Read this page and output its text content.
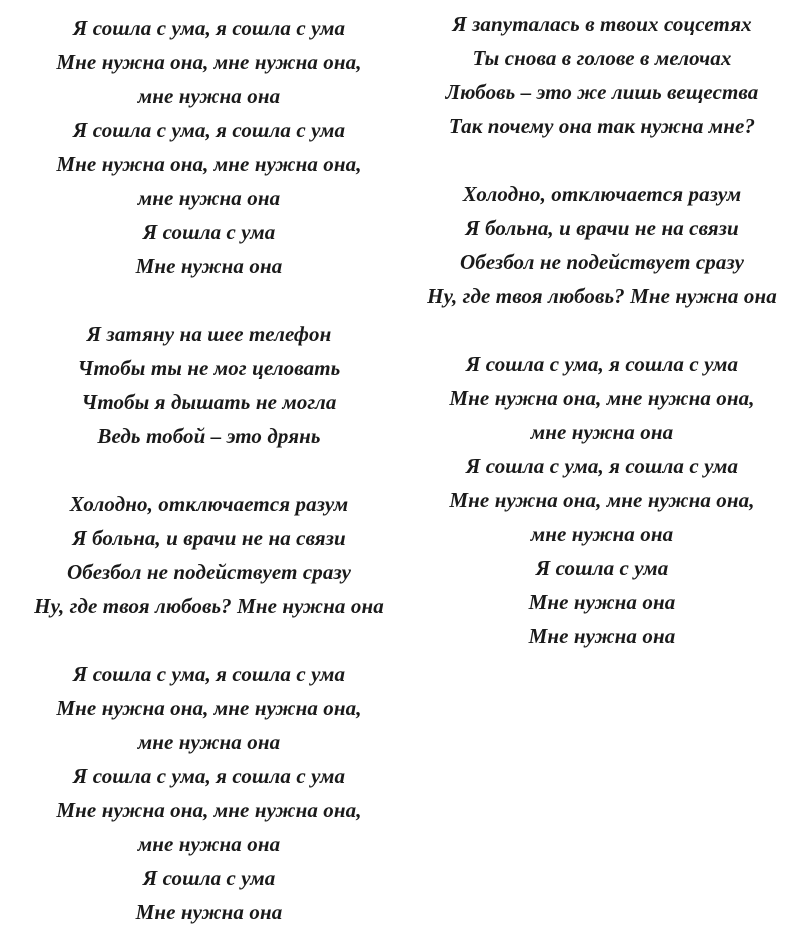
Я сошла с ума, я сошла с ума
Мне нужна она, мне нужна она,
мне нужна она
Я сошла с ума, я сошла с ума
Мне нужна она, мне нужна она,
мне нужна она
Я сошла с ума
Мне нужна она
Я затяну на шее телефон
Чтобы ты не мог целовать
Чтобы я дышать не могла
Ведь тобой – это дрянь
Холодно, отключается разум
Я больна, и врачи не на связи
Обезбол не подействует сразу
Ну, где твоя любовь? Мне нужна она
Я сошла с ума, я сошла с ума
Мне нужна она, мне нужна она,
мне нужна она
Я сошла с ума, я сошла с ума
Мне нужна она, мне нужна она,
мне нужна она
Я сошла с ума
Мне нужна она
Я запуталась в твоих соцсетях
Ты снова в голове в мелочах
Любовь – это же лишь вещества
Так почему она так нужна мне?
Холодно, отключается разум
Я больна, и врачи не на связи
Обезбол не подействует сразу
Ну, где твоя любовь? Мне нужна она
Я сошла с ума, я сошла с ума
Мне нужна она, мне нужна она,
мне нужна она
Я сошла с ума, я сошла с ума
Мне нужна она, мне нужна она,
мне нужна она
Я сошла с ума
Мне нужна она
Мне нужна она
